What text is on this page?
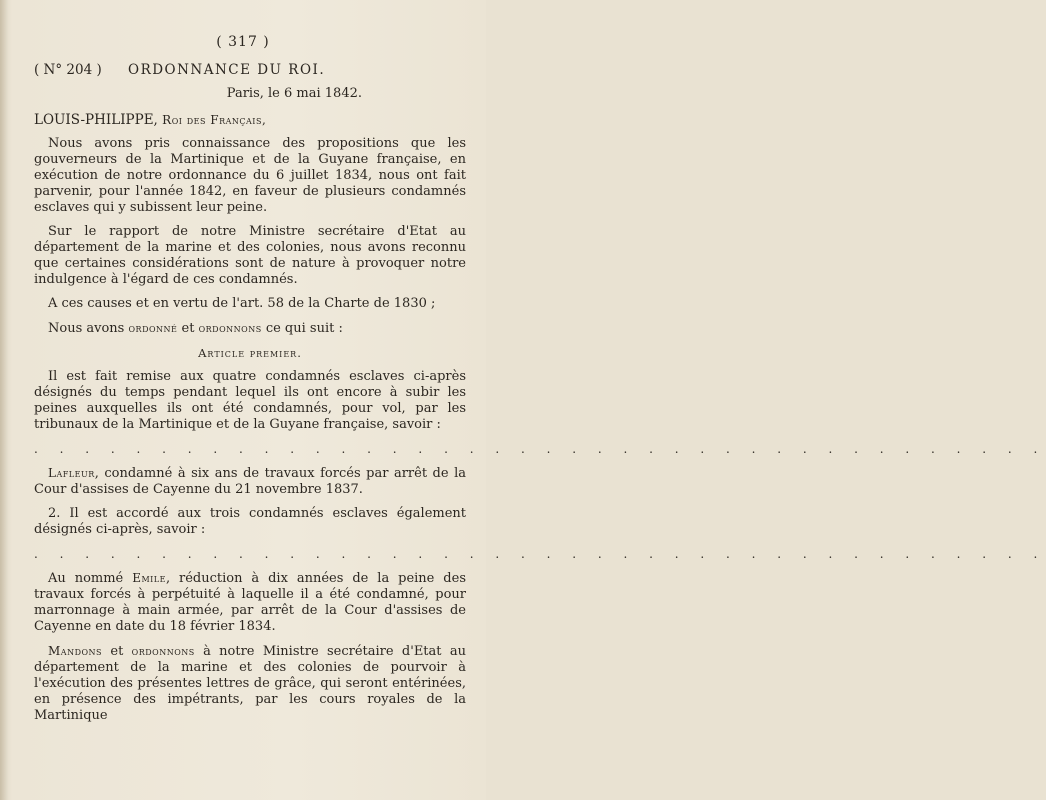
( 317 )
( N° 204 ) ORDONNANCE DU ROI.
Paris, le 6 mai 1842.
LOUIS-PHILIPPE, Roi des Français,

Nous avons pris connaissance des propositions que les gouverneurs de la Martinique et de la Guyane française, en exécution de notre ordonnance du 6 juillet 1834, nous ont fait parvenir, pour l'année 1842, en faveur de plusieurs condamnés esclaves qui y subissent leur peine.

Sur le rapport de notre Ministre secrétaire d'Etat au département de la marine et des colonies, nous avons reconnu que certaines considérations sont de nature à provoquer notre indulgence à l'égard de ces condamnés.

A ces causes et en vertu de l'art. 58 de la Charte de 1830 ;

Nous avons ordonné et ordonnons ce qui suit :

Article premier.

Il est fait remise aux quatre condamnés esclaves ci-après désignés du temps pendant lequel ils ont encore à subir les peines auxquelles ils ont été condamnés, pour vol, par les tribunaux de la Martinique et de la Guyane française, savoir :

. . . . . . . . . . . . . . . . . . . . . . . . . . . . . . . . . . . . . . . .

Lafleur, condamné à six ans de travaux forcés par arrêt de la Cour d'assises de Cayenne du 21 novembre 1837.

2. Il est accordé aux trois condamnés esclaves également désignés ci-après, savoir :

. . . . . . . . . . . . . . . . . . . . . . . . . . . . . . . . . . . . . . . .

Au nommé Emile, réduction à dix années de la peine des travaux forcés à perpétuité à laquelle il a été condamné, pour marronnage à main armée, par arrêt de la Cour d'assises de Cayenne en date du 18 février 1834.

Mandons et ordonnons à notre Ministre secrétaire d'Etat au département de la marine et des colonies de pourvoir à l'exécution des présentes lettres de grâce, qui seront entérinées, en présence des impétrants, par les cours royales de la Martinique
